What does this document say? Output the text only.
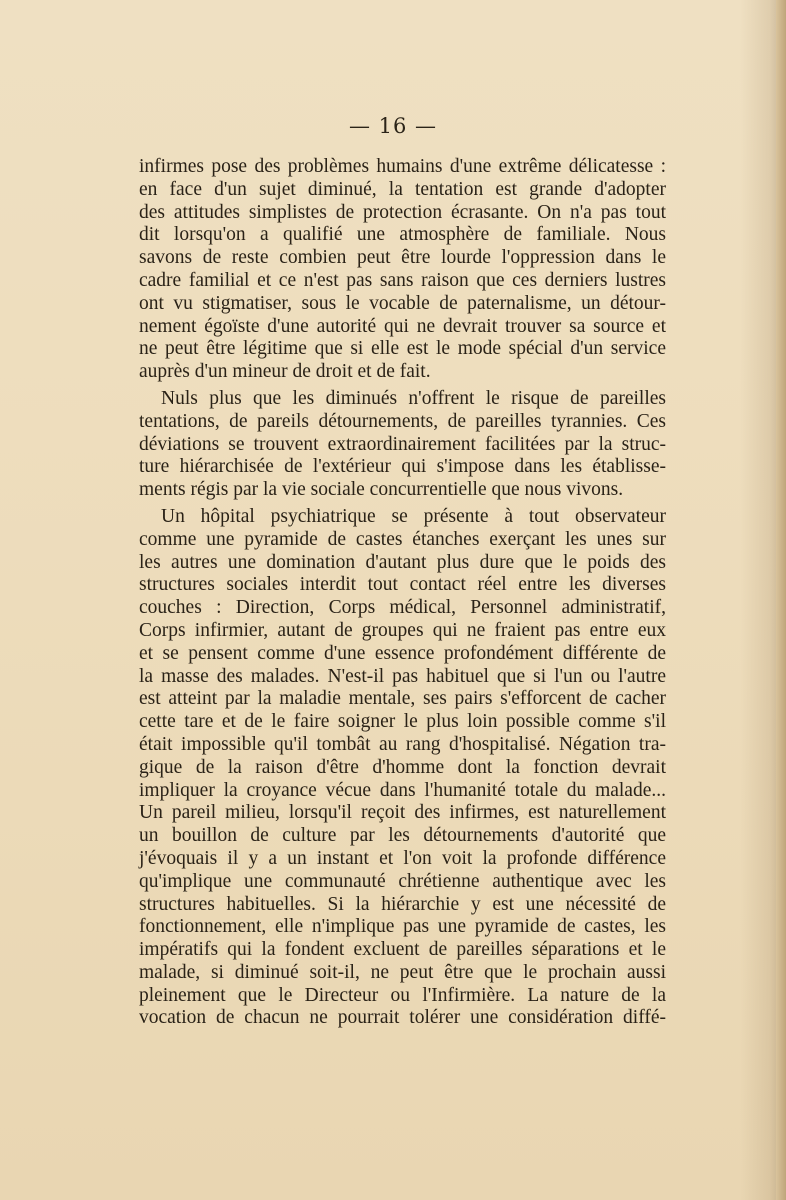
— 16 —
infirmes pose des problèmes humains d'une extrême délicatesse :
en face d'un sujet diminué, la tentation est grande d'adopter
des attitudes simplistes de protection écrasante. On n'a pas tout
dit lorsqu'on a qualifié une atmosphère de familiale. Nous
savons de reste combien peut être lourde l'oppression dans le
cadre familial et ce n'est pas sans raison que ces derniers lustres
ont vu stigmatiser, sous le vocable de paternalisme, un détour-
nement égoïste d'une autorité qui ne devrait trouver sa source et
ne peut être légitime que si elle est le mode spécial d'un service
auprès d'un mineur de droit et de fait.
Nuls plus que les diminués n'offrent le risque de pareilles
tentations, de pareils détournements, de pareilles tyrannies. Ces
déviations se trouvent extraordinairement facilitées par la struc-
ture hiérarchisée de l'extérieur qui s'impose dans les établisse-
ments régis par la vie sociale concurrentielle que nous vivons.
Un hôpital psychiatrique se présente à tout observateur
comme une pyramide de castes étanches exerçant les unes sur
les autres une domination d'autant plus dure que le poids des
structures sociales interdit tout contact réel entre les diverses
couches : Direction, Corps médical, Personnel administratif,
Corps infirmier, autant de groupes qui ne fraient pas entre eux
et se pensent comme d'une essence profondément différente de
la masse des malades. N'est-il pas habituel que si l'un ou l'autre
est atteint par la maladie mentale, ses pairs s'efforcent de cacher
cette tare et de le faire soigner le plus loin possible comme s'il
était impossible qu'il tombât au rang d'hospitalisé. Négation tra-
gique de la raison d'être d'homme dont la fonction devrait
impliquer la croyance vécue dans l'humanité totale du malade...
Un pareil milieu, lorsqu'il reçoit des infirmes, est naturellement
un bouillon de culture par les détournements d'autorité que
j'évoquais il y a un instant et l'on voit la profonde différence
qu'implique une communauté chrétienne authentique avec les
structures habituelles. Si la hiérarchie y est une nécessité de
fonctionnement, elle n'implique pas une pyramide de castes, les
impératifs qui la fondent excluent de pareilles séparations et le
malade, si diminué soit-il, ne peut être que le prochain aussi
pleinement que le Directeur ou l'Infirmière. La nature de la
vocation de chacun ne pourrait tolérer une considération diffé-
